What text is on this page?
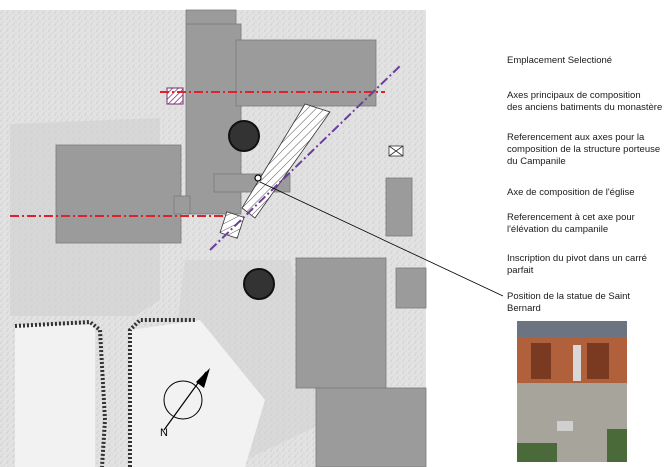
N
Emplacement Selectioné
Axes principaux de composition
des anciens batiments du monastère
Referencement aux axes pour la
composition de la structure porteuse
du Campanile
Axe de composition de l'église
Referencement à cet axe pour
l'élévation du campanile
Inscription du pivot dans un carré
parfait
Position de la statue de Saint Bernard
